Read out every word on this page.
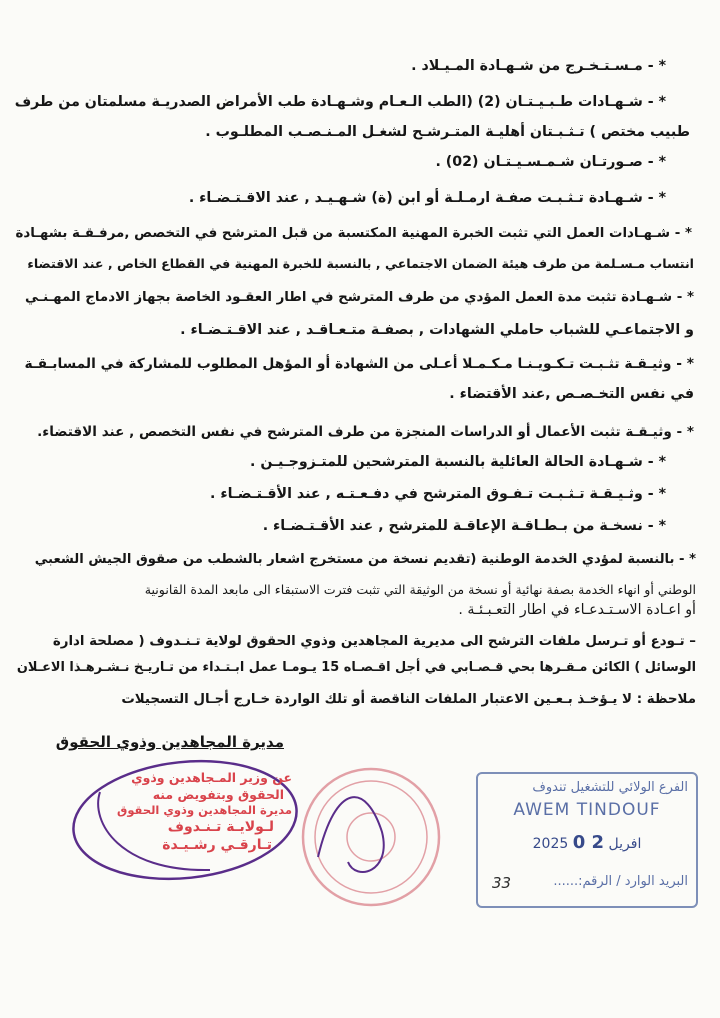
* - مـسـتـخـرج من شـهـادة المـيـلاد .
* - شـهـادات طـبـيـتـان (2) (الطب الـعـام وشـهـادة طب الأمراض الصدريـة مسلمتان من طرف
طبيب مختص ) تـثـبـتان أهليـة المتـرشـح لشغـل المـنـصـب المطلـوب .
* - صـورتـان شـمـسـيـتـان (02) .
* - شـهـادة تـثـبـت صفـة ارمـلـة أو ابن (ة) شـهـيـد , عند الاقـتـضـاء .
* - شـهـادات العمل التي تثبت الخبرة المهنية المكتسبة من قبل المترشح في التخصص ,مرفـقـة بشهـادة
انتساب مـسـلمة من طرف هيئة الضمان الاجتماعي , بالنسبة للخبرة المهنية في القطاع الخاص , عند الاقتضاء
* - شـهـادة تثبت مدة العمل المؤدي من طرف المترشح في اطار العقـود الخاصة بجهاز الادماج المهـنـي
و الاجتماعـي للشباب حاملي الشهادات , بصفـة متـعـاقـد , عند الاقـتـضـاء .
* - وثيـقـة تثـبـت تـكـويـنـا مـكـمـلا أعـلى من الشهادة أو المؤهل المطلوب للمشاركة في المسابـقـة
في نفس التخـصـص ,عند الأقتضاء .
* - وثيـقـة تثبت الأعمال أو الدراسات المنجزة من طرف المترشح في نفس التخصص , عند الاقتضاء.
* - شـهـادة الحالة العائلية بالنسبة المترشحين للمتـزوجـيـن .
* - وثـيـقـة تـثـبـت تـفـوق المترشح في دفـعـتـه , عند الأقـتـضـاء .
* - نسخـة من بـطـاقـة الإعاقـة للمترشح , عند الأقـتـضـاء .
* - بالنسبة لمؤدي الخدمة الوطنية (تقديم نسخة من مستخرج اشعار بالشطب من صقوق الجيش الشعبي
الوطني أو انهاء الخدمة بصفة نهائية أو نسخة من الوثيقة التي تثبت فترت الاستبقاء الى مابعد المدة القانونية
أو اعـادة الاسـتـدعـاء في اطار التعـبـئـة .
– تـودع أو تـرسل ملفات الترشح الى مديرية المجاهدين وذوي الحقوق لولاية تـنـدوف ( مصلحة ادارة
الوسائل ) الكائن مـقـرها بحي قـصـابي في أجل اقـصـاه 15 يـومـا عمل ابـتـداء من تـاريـخ نـشـرهـذا الاعـلان
ملاحظة : لا يـؤخـذ بـعـين الاعتبار الملفات الناقصة أو تلك الواردة خـارج أجـال التسجيلات
مديرة المجاهدين وذوي الحقوق
عن وزير المـجاهدين وذوي
الحقوق وبتفويض منه
مديرة المجاهدين وذوي الحقوق
لـولايـة تـنـدوف
تـارقـي رشـيـدة
الفرع الولائي للتشغيل تندوف
AWEM TINDOUF
2025	افريل 2 0
البريد الوارد / الرقم:......
33
